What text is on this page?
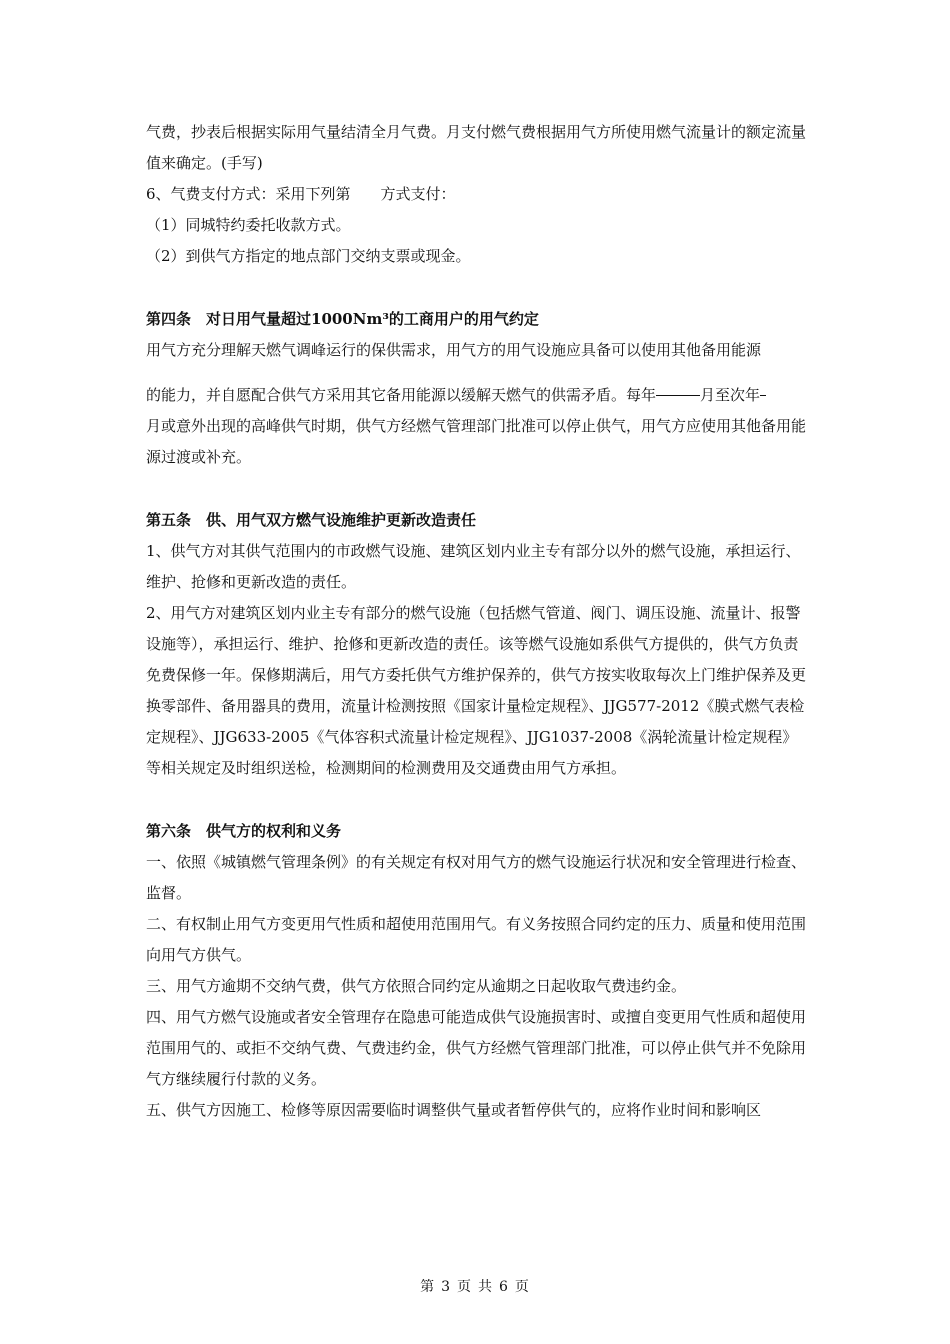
气费，抄表后根据实际用气量结清全月气费。月支付燃气费根据用气方所使用燃气流量计的额定流量值来确定。(手写)

6、气费支付方式：采用下列第　　方式支付：

（1）同城特约委托收款方式。

（2）到供气方指定的地点部门交纳支票或现金。

第四条　对日用气量超过1000Nm³的工商用户的用气约定

用气方充分理解天燃气调峰运行的保供需求，用气方的用气设施应具备可以使用其他备用能源

的能力，并自愿配合供气方采用其它备用能源以缓解天燃气的供需矛盾。每年	月至次年

月或意外出现的高峰供气时期，供气方经燃气管理部门批准可以停止供气，用气方应使用其他备用能源过渡或补充。

第五条　供、用气双方燃气设施维护更新改造责任

1、供气方对其供气范围内的市政燃气设施、建筑区划内业主专有部分以外的燃气设施，承担运行、维护、抢修和更新改造的责任。

2、用气方对建筑区划内业主专有部分的燃气设施（包括燃气管道、阀门、调压设施、流量计、报警设施等），承担运行、维护、抢修和更新改造的责任。该等燃气设施如系供气方提供的，供气方负责免费保修一年。保修期满后，用气方委托供气方维护保养的，供气方按实收取每次上门维护保养及更换零部件、备用器具的费用，流量计检测按照《国家计量检定规程》、JJG577-2012《膜式燃气表检定规程》、JJG633-2005《气体容积式流量计检定规程》、JJG1037-2008《涡轮流量计检定规程》等相关规定及时组织送检，检测期间的检测费用及交通费由用气方承担。

第六条　供气方的权利和义务

一、依照《城镇燃气管理条例》的有关规定有权对用气方的燃气设施运行状况和安全管理进行检查、监督。

二、有权制止用气方变更用气性质和超使用范围用气。有义务按照合同约定的压力、质量和使用范围向用气方供气。

三、用气方逾期不交纳气费，供气方依照合同约定从逾期之日起收取气费违约金。

四、用气方燃气设施或者安全管理存在隐患可能造成供气设施损害时、或擅自变更用气性质和超使用范围用气的、或拒不交纳气费、气费违约金，供气方经燃气管理部门批准，可以停止供气并不免除用气方继续履行付款的义务。

五、供气方因施工、检修等原因需要临时调整供气量或者暂停供气的，应将作业时间和影响区

第 3 页 共 6 页
